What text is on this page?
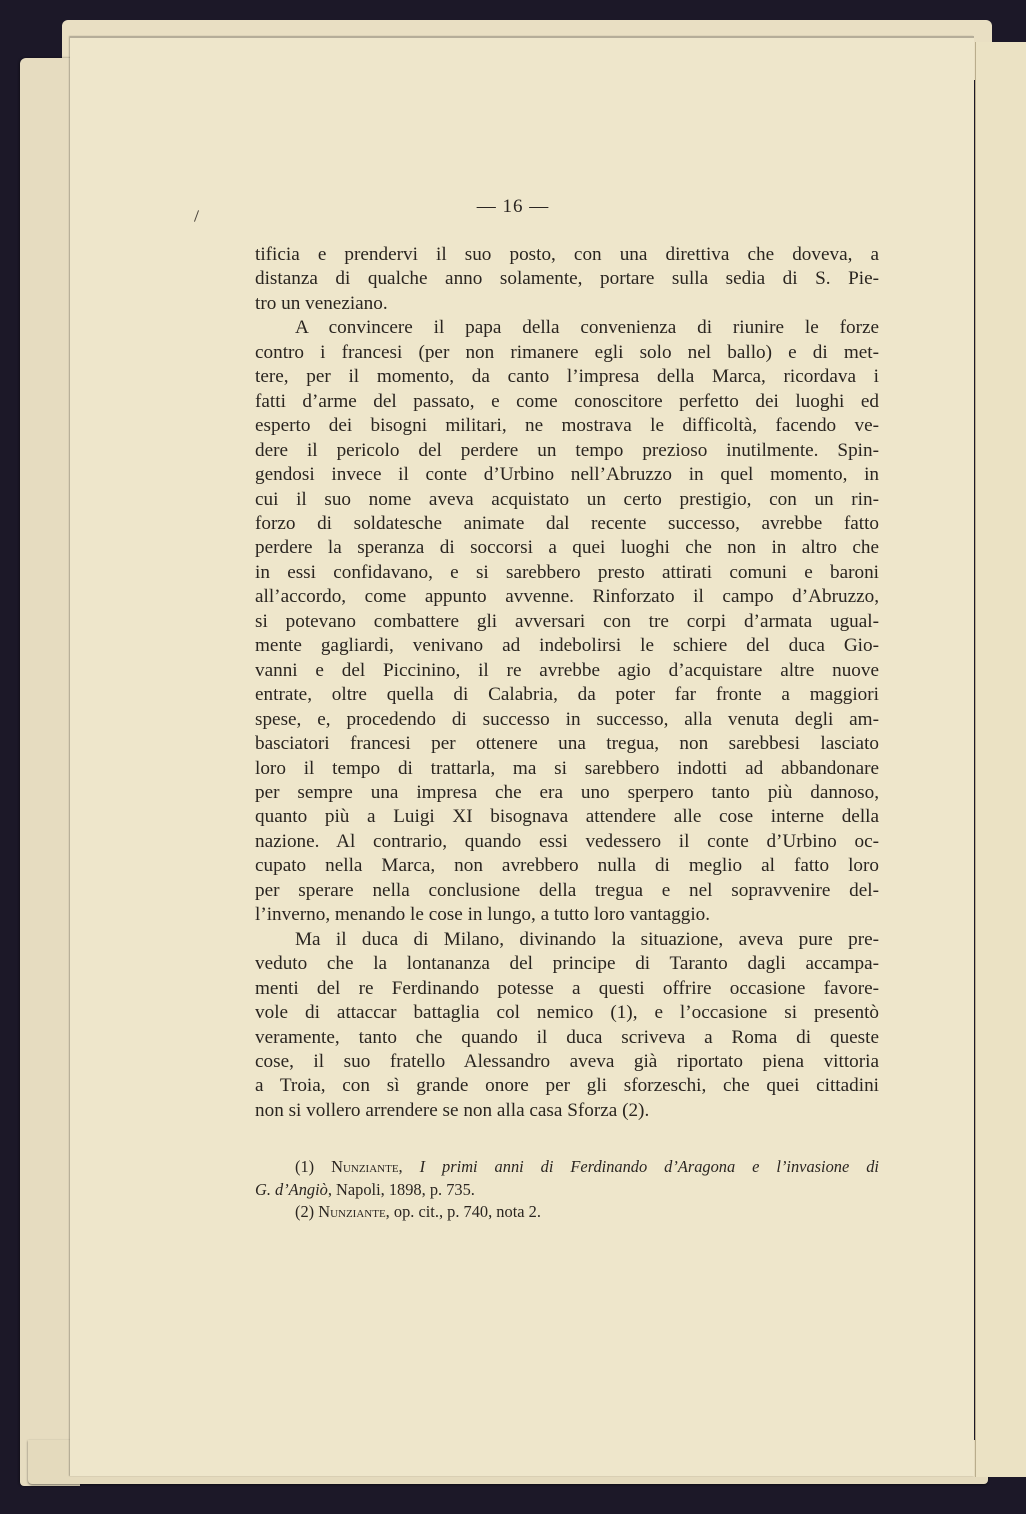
— 16 —
tificia e prendervi il suo posto, con una direttiva che doveva, a
distanza di qualche anno solamente, portare sulla sedia di S. Pie-
tro un veneziano.
A convincere il papa della convenienza di riunire le forze
contro i francesi (per non rimanere egli solo nel ballo) e di met-
tere, per il momento, da canto l’impresa della Marca, ricordava i
fatti d’arme del passato, e come conoscitore perfetto dei luoghi ed
esperto dei bisogni militari, ne mostrava le difficoltà, facendo ve-
dere il pericolo del perdere un tempo prezioso inutilmente. Spin-
gendosi invece il conte d’Urbino nell’Abruzzo in quel momento, in
cui il suo nome aveva acquistato un certo prestigio, con un rin-
forzo di soldatesche animate dal recente successo, avrebbe fatto
perdere la speranza di soccorsi a quei luoghi che non in altro che
in essi confidavano, e si sarebbero presto attirati comuni e baroni
all’accordo, come appunto avvenne. Rinforzato il campo d’Abruzzo,
si potevano combattere gli avversari con tre corpi d’armata ugual-
mente gagliardi, venivano ad indebolirsi le schiere del duca Gio-
vanni e del Piccinino, il re avrebbe agio d’acquistare altre nuove
entrate, oltre quella di Calabria, da poter far fronte a maggiori
spese, e, procedendo di successo in successo, alla venuta degli am-
basciatori francesi per ottenere una tregua, non sarebbesi lasciato
loro il tempo di trattarla, ma si sarebbero indotti ad abbandonare
per sempre una impresa che era uno sperpero tanto più dannoso,
quanto più a Luigi XI bisognava attendere alle cose interne della
nazione. Al contrario, quando essi vedessero il conte d’Urbino oc-
cupato nella Marca, non avrebbero nulla di meglio al fatto loro
per sperare nella conclusione della tregua e nel sopravvenire del-
l’inverno, menando le cose in lungo, a tutto loro vantaggio.
Ma il duca di Milano, divinando la situazione, aveva pure pre-
veduto che la lontananza del principe di Taranto dagli accampa-
menti del re Ferdinando potesse a questi offrire occasione favore-
vole di attaccar battaglia col nemico (1), e l’occasione si presentò
veramente, tanto che quando il duca scriveva a Roma di queste
cose, il suo fratello Alessandro aveva già riportato piena vittoria
a Troia, con sì grande onore per gli sforzeschi, che quei cittadini
non si vollero arrendere se non alla casa Sforza (2).
(1) Nunziante, I primi anni di Ferdinando d’Aragona e l’invasione di
G. d’Angiò, Napoli, 1898, p. 735.
(2) Nunziante, op. cit., p. 740, nota 2.
